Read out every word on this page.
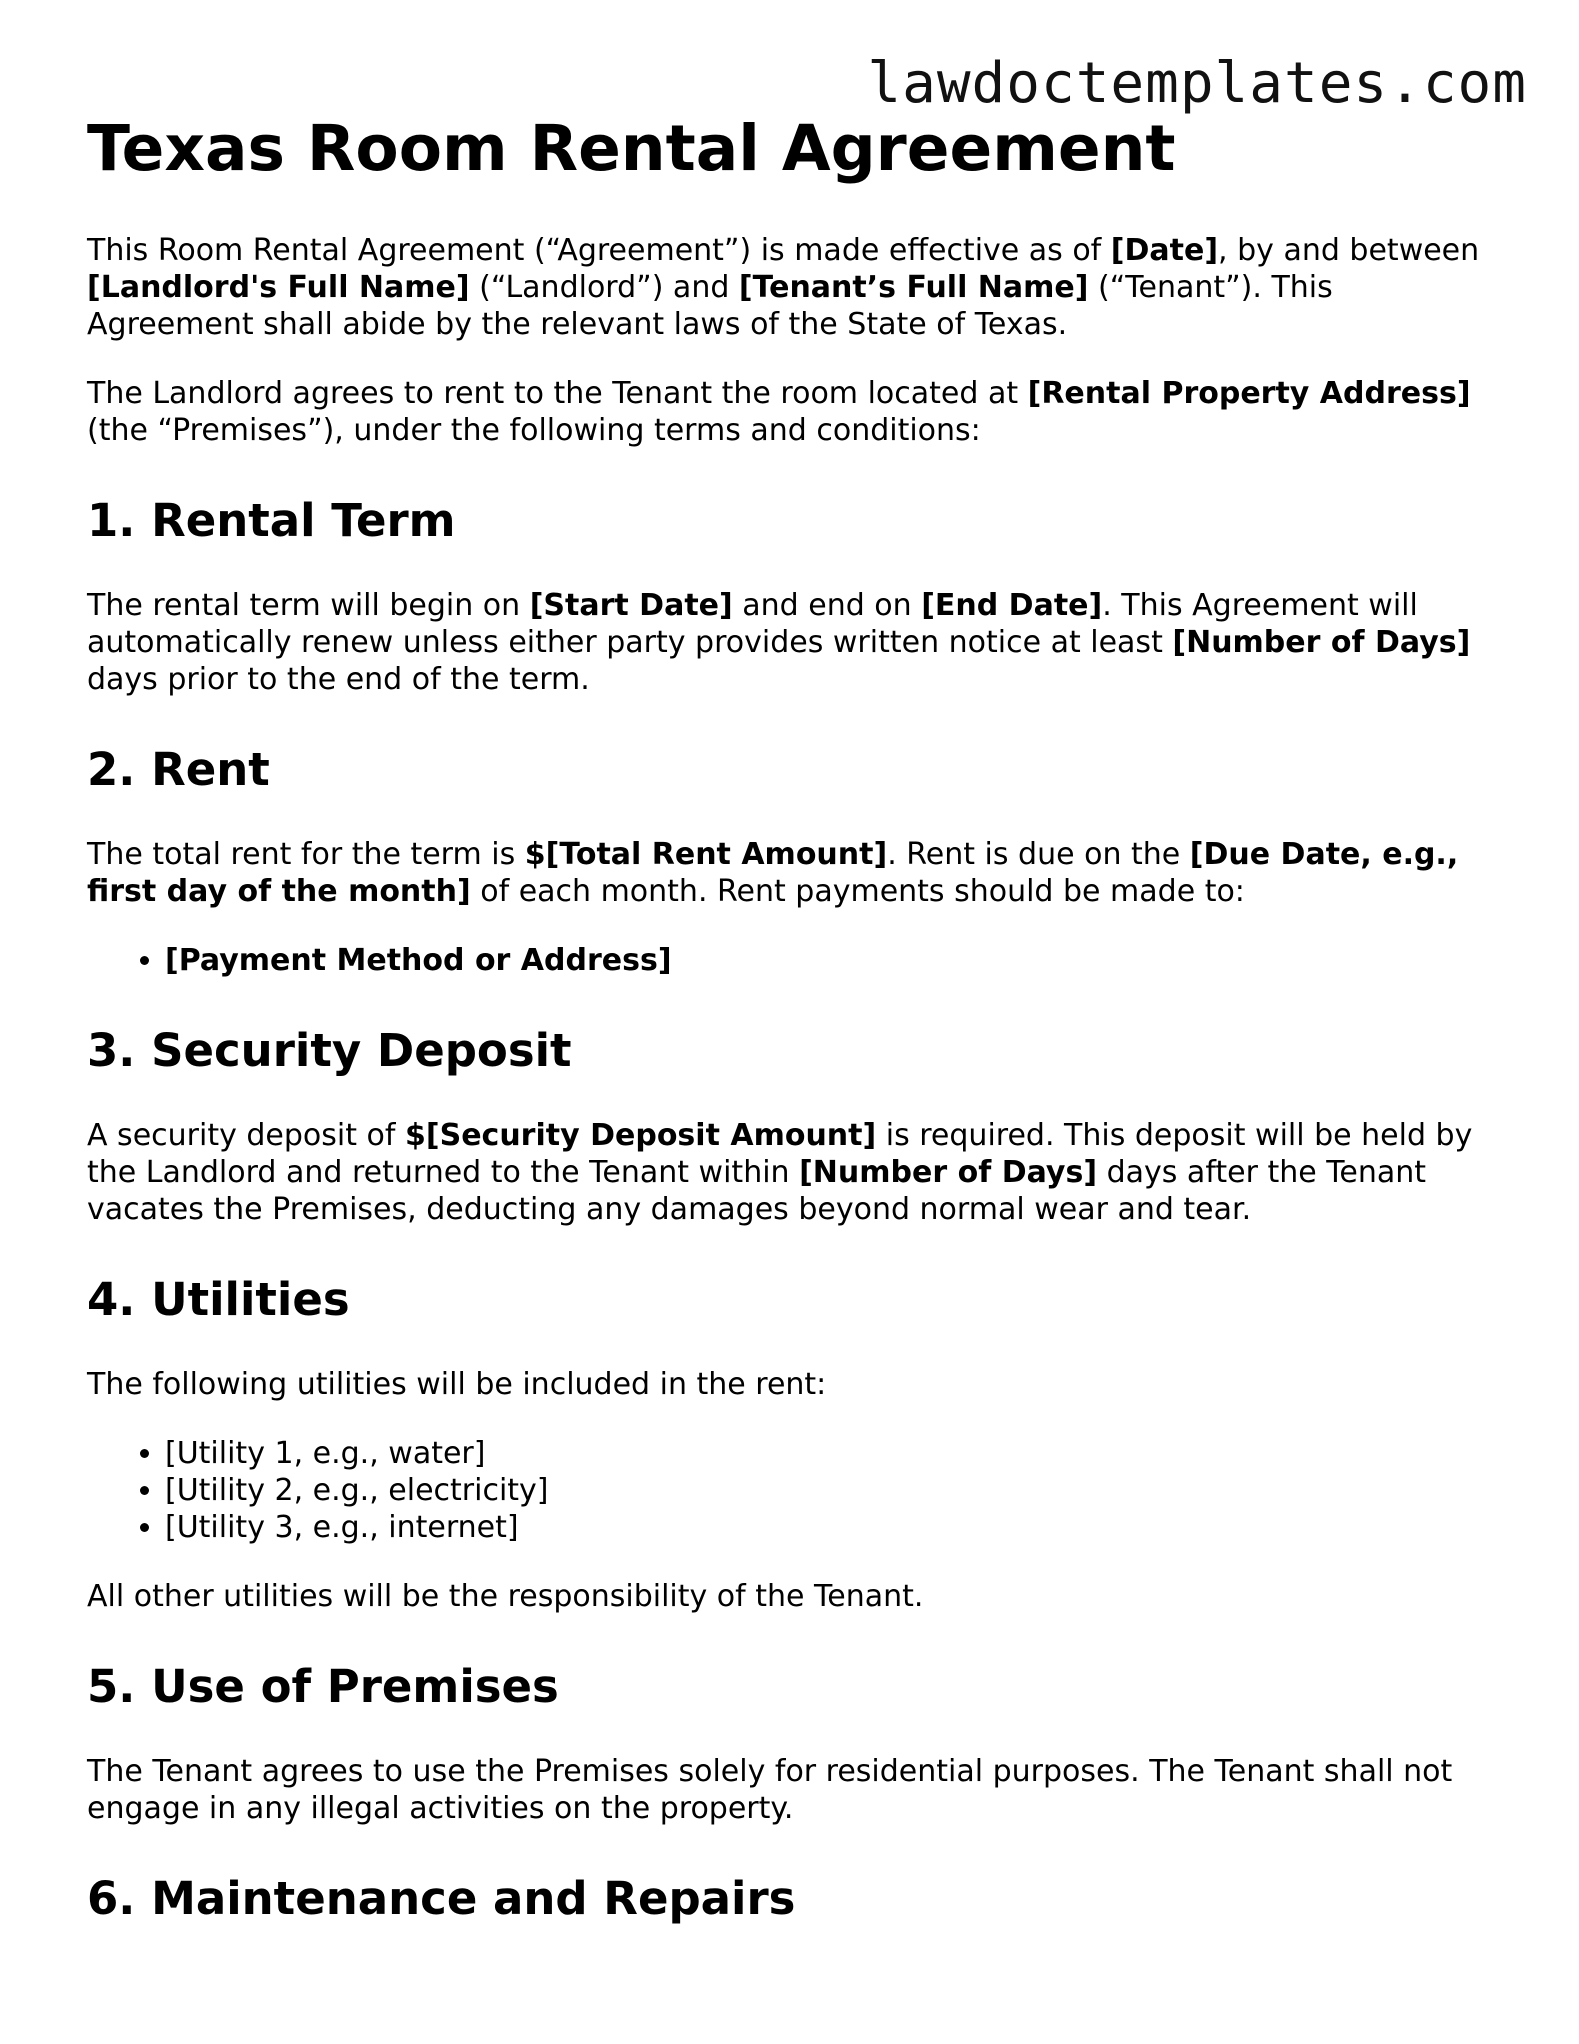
lawdoctemplates.com
Texas Room Rental Agreement

This Room Rental Agreement (“Agreement”) is made effective as of [Date], by and between [Landlord's Full Name] (“Landlord”) and [Tenant’s Full Name] (“Tenant”). This Agreement shall abide by the relevant laws of the State of Texas.

The Landlord agrees to rent to the Tenant the room located at [Rental Property Address] (the “Premises”), under the following terms and conditions:

1. Rental Term

The rental term will begin on [Start Date] and end on [End Date]. This Agreement will automatically renew unless either party provides written notice at least [Number of Days] days prior to the end of the term.

2. Rent

The total rent for the term is $[Total Rent Amount]. Rent is due on the [Due Date, e.g., first day of the month] of each month. Rent payments should be made to:

• [Payment Method or Address]
3. Security Deposit

A security deposit of $[Security Deposit Amount] is required. This deposit will be held by the Landlord and returned to the Tenant within [Number of Days] days after the Tenant vacates the Premises, deducting any damages beyond normal wear and tear.

4. Utilities

The following utilities will be included in the rent:

• [Utility 1, e.g., water]
• [Utility 2, e.g., electricity]
• [Utility 3, e.g., internet]

All other utilities will be the responsibility of the Tenant.

5. Use of Premises

The Tenant agrees to use the Premises solely for residential purposes. The Tenant shall not engage in any illegal activities on the property.

6. Maintenance and Repairs
